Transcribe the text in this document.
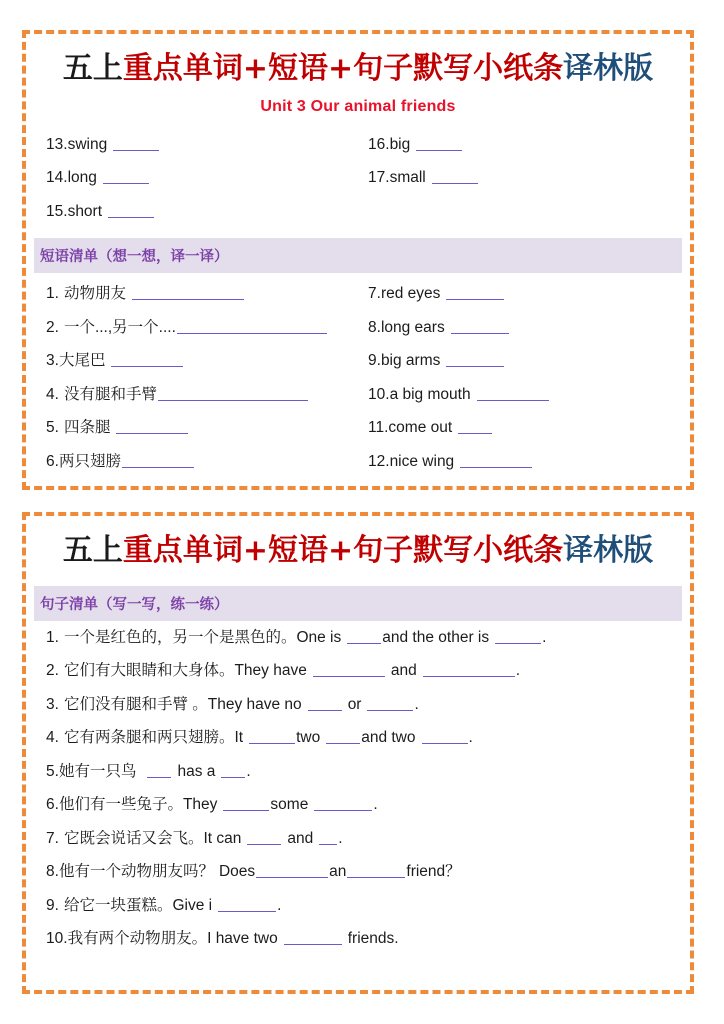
五上重点单词+短语+句子默写小纸条译林版
Unit 3 Our animal friends
13.swing
14.long
15.short
16.big
17.small
短语清单（想一想，译一译）
1. 动物朋友
2. 一个...,另一个....
3.大尾巴
4. 没有腿和手臂
5. 四条腿
6.两只翅膀
7.red eyes
8.long ears
9.big arms
10.a big mouth
11.come out
12.nice wing
五上重点单词+短语+句子默写小纸条译林版
句子清单（写一写，练一练）
1. 一个是红色的，另一个是黑色的。One is	and the other is	.
2. 它们有大眼睛和大身体。They have	and	.
3. 它们没有腿和手臂 。They have no	or	.
4. 它有两条腿和两只翅膀。It	two	and two	.
5.她有一只鸟	has a .
6.他们有一些兔子。They	some	.
7. 它既会说话又会飞。It can	and .
8.他有一个动物朋友吗？ Does	an	friend？
9. 给它一块蛋糕。Give i	.
10.我有两个动物朋友。I have two	friends.
